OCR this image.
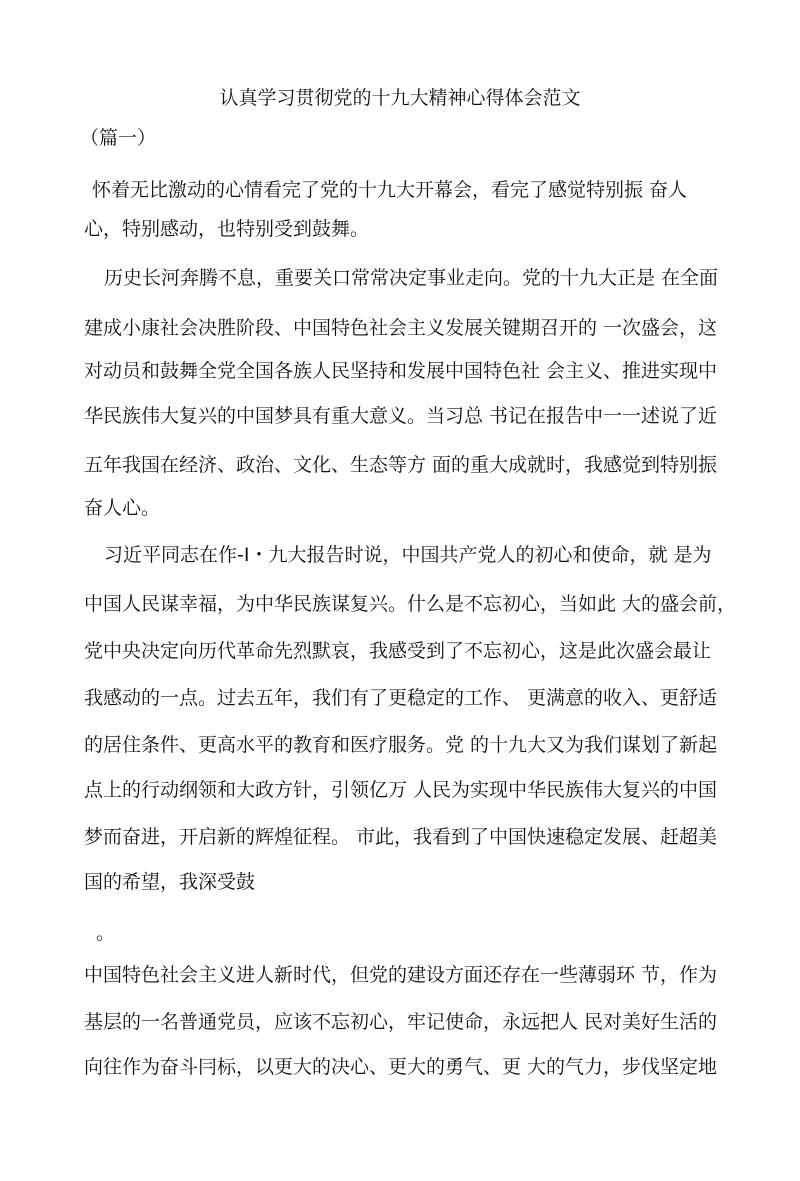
认真学习贯彻党的十九大精神心得体会范文
（篇一）
怀着无比激动的心情看完了党的十九大开幕会，看完了感觉特别振 奋人
心，特别感动，也特别受到鼓舞。
历史长河奔腾不息，重要关口常常决定事业走向。党的十九大正是 在全面
建成小康社会决胜阶段、中国特色社会主义发展关键期召开的 一次盛会，这
对动员和鼓舞全党全国各族人民坚持和发展中国特色社 会主义、推进实现中
华民族伟大复兴的中国梦具有重大意义。当习总 书记在报告中一一述说了近
五年我国在经济、政治、文化、生态等方 面的重大成就时，我感觉到特别振
奋人心。
习近平同志在作-I・九大报告时说，中国共产党人的初心和使命，就 是为
中国人民谋幸福，为中华民族谋复兴。什么是不忘初心，当如此 大的盛会前，
党中央决定向历代革命先烈默哀，我感受到了不忘初心，这是此次盛会最让
我感动的一点。过去五年，我们有了更稳定的工作、 更满意的收入、更舒适
的居住条件、更高水平的教育和医疗服务。党 的十九大又为我们谋划了新起
点上的行动纲领和大政方针，引领亿万 人民为实现中华民族伟大复兴的中国
梦而奋进，开启新的辉煌征程。 市此，我看到了中国快速稳定发展、赶超美
国的希望，我深受鼓
。
中国特色社会主义进人新时代，但党的建设方面还存在一些薄弱环 节，作为
基层的一名普通党员，应该不忘初心，牢记使命，永远把人 民对美好生活的
向往作为奋斗冃标，以更大的决心、更大的勇气、更 大的气力，步伐坚定地
